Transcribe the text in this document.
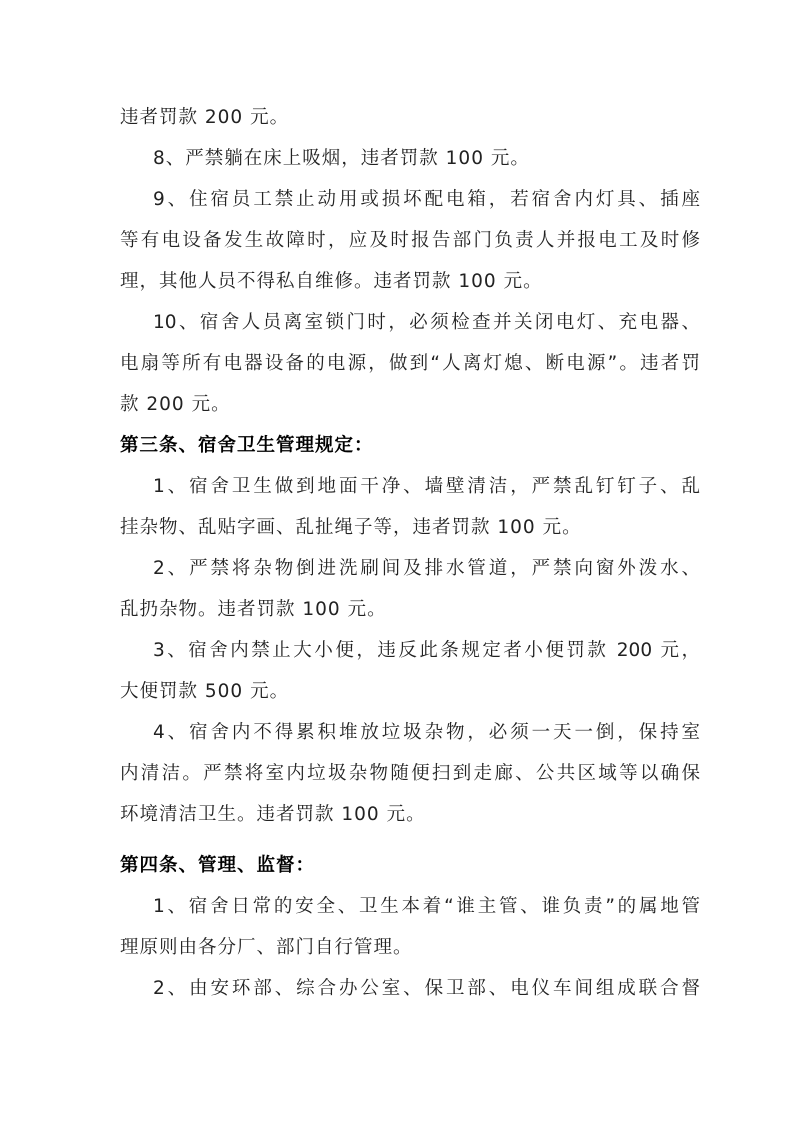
违者罚款 200 元。
8、严禁躺在床上吸烟，违者罚款 100 元。
9、住宿员工禁止动用或损坏配电箱，若宿舍内灯具、插座
等有电设备发生故障时，应及时报告部门负责人并报电工及时修
理，其他人员不得私自维修。违者罚款 100 元。
10、宿舍人员离室锁门时，必须检查并关闭电灯、充电器、
电扇等所有电器设备的电源，做到“人离灯熄、断电源”。违者罚
款 200 元。
第三条、宿舍卫生管理规定：
1、宿舍卫生做到地面干净、墙壁清洁，严禁乱钉钉子、乱
挂杂物、乱贴字画、乱扯绳子等，违者罚款 100 元。
2、严禁将杂物倒进洗刷间及排水管道，严禁向窗外泼水、
乱扔杂物。违者罚款 100 元。
3、宿舍内禁止大小便，违反此条规定者小便罚款 200 元，
大便罚款 500 元。
4、宿舍内不得累积堆放垃圾杂物，必须一天一倒，保持室
内清洁。严禁将室内垃圾杂物随便扫到走廊、公共区域等以确保
环境清洁卫生。违者罚款 100 元。
第四条、管理、监督：
1、宿舍日常的安全、卫生本着“谁主管、谁负责”的属地管
理原则由各分厂、部门自行管理。
2、由安环部、综合办公室、保卫部、电仪车间组成联合督
